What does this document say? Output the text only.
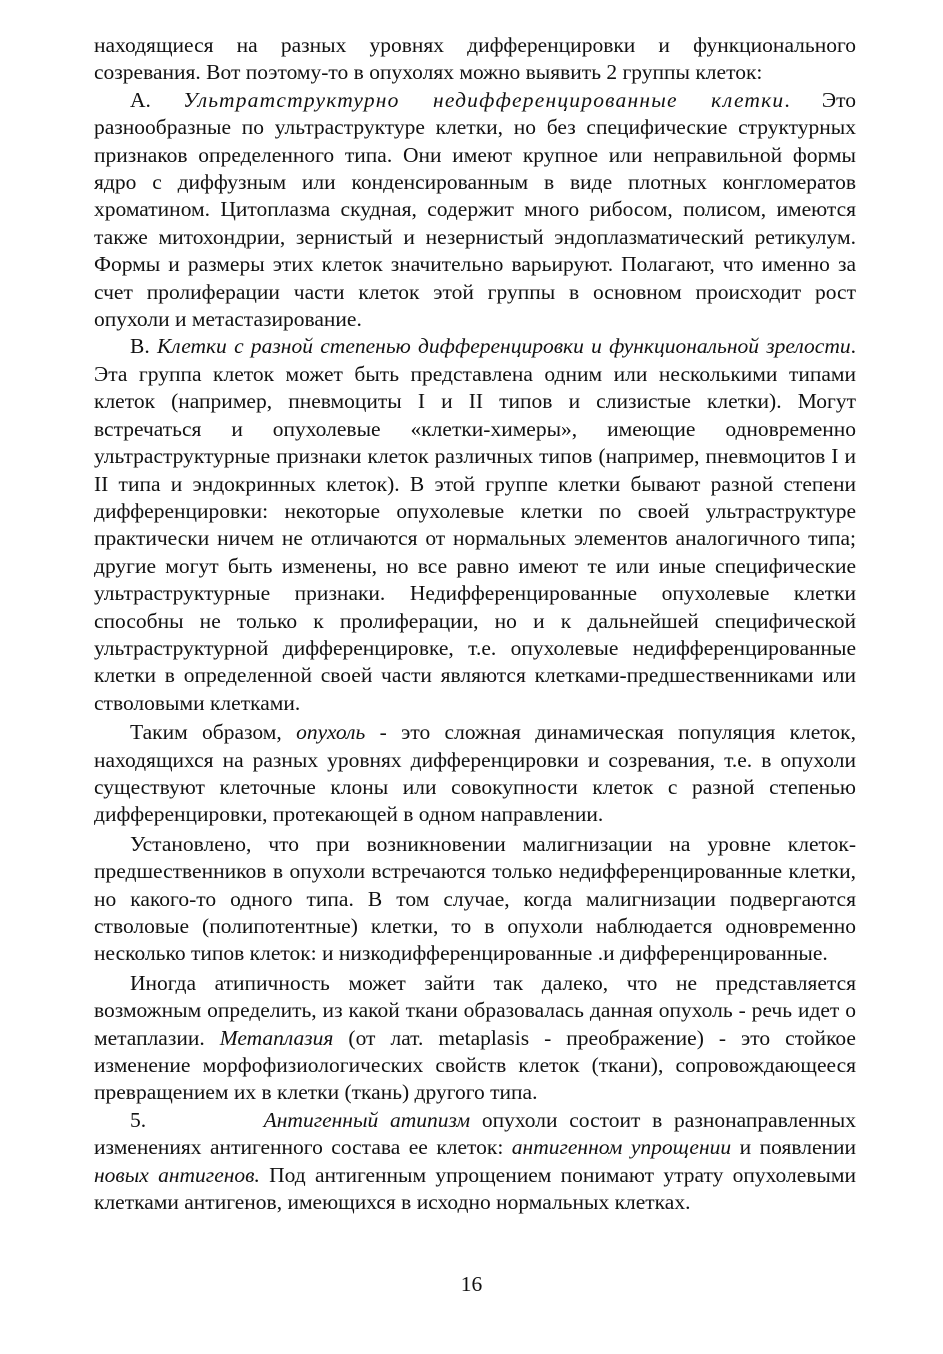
находящиеся на разных уровнях дифференцировки и функционального созревания. Вот поэтому-то в опухолях можно выявить 2 группы клеток:

А. Ультратструктурно недифференцированные клетки. Это разнообразные по ультраструктуре клетки, но без специфические структурных признаков определенного типа. Они имеют крупное или неправильной формы ядро с диффузным или конденсированным в виде плотных конгломератов хроматином. Цитоплазма скудная, содержит много рибосом, полисом, имеются также митохондрии, зернистый и незернистый эндоплазматический ретикулум. Формы и размеры этих клеток значительно варьируют. Полагают, что именно за счет пролиферации части клеток этой группы в основном происходит рост опухоли и метастазирование.

В. Клетки с разной степенью дифференцировки и функциональной зрелости. Эта группа клеток может быть представлена одним или несколькими типами клеток (например, пневмоциты I и II типов и слизистые клетки). Могут встречаться и опухолевые «клетки-химеры», имеющие одновременно ультраструктурные признаки клеток различных типов (например, пневмоцитов I и II типа и эндокринных клеток). В этой группе клетки бывают разной степени дифференцировки: некоторые опухолевые клетки по своей ультраструктуре практически ничем не отличаются от нормальных элементов аналогичного типа; другие могут быть изменены, но все равно имеют те или иные специфические ультраструктурные признаки. Недифференцированные опухолевые клетки способны не только к пролиферации, но и к дальнейшей специфической ультраструктурной дифференцировке, т.е. опухолевые недифференцированные клетки в определенной своей части являются клетками-предшественниками или стволовыми клетками.

Таким образом, опухоль - это сложная динамическая популяция клеток, находящихся на разных уровнях дифференцировки и созревания, т.е. в опухоли существуют клеточные клоны или совокупности клеток с разной степенью дифференцировки, протекающей в одном направлении.

Установлено, что при возникновении малигнизации на уровне клеток-предшественников в опухоли встречаются только недифференцированные клетки, но какого-то одного типа. В том случае, когда малигнизации подвергаются стволовые (полипотентные) клетки, то в опухоли наблюдается одновременно несколько типов клеток: и низкодифференцированные .и дифференцированные.

Иногда атипичность может зайти так далеко, что не представляется возможным определить, из какой ткани образовалась данная опухоль - речь идет о метаплазии. Метаплазия (от лат. metaplasis - преображение) - это стойкое изменение морфофизиологических свойств клеток (ткани), сопровождающееся превращением их в клетки (ткань) другого типа.

5.	Антигенный атипизм опухоли состоит в разнонаправленных изменениях антигенного состава ее клеток: антигенном упрощении и появлении новых антигенов. Под антигенным упрощением понимают утрату опухолевыми клетками антигенов, имеющихся в исходно нормальных клетках.

16
